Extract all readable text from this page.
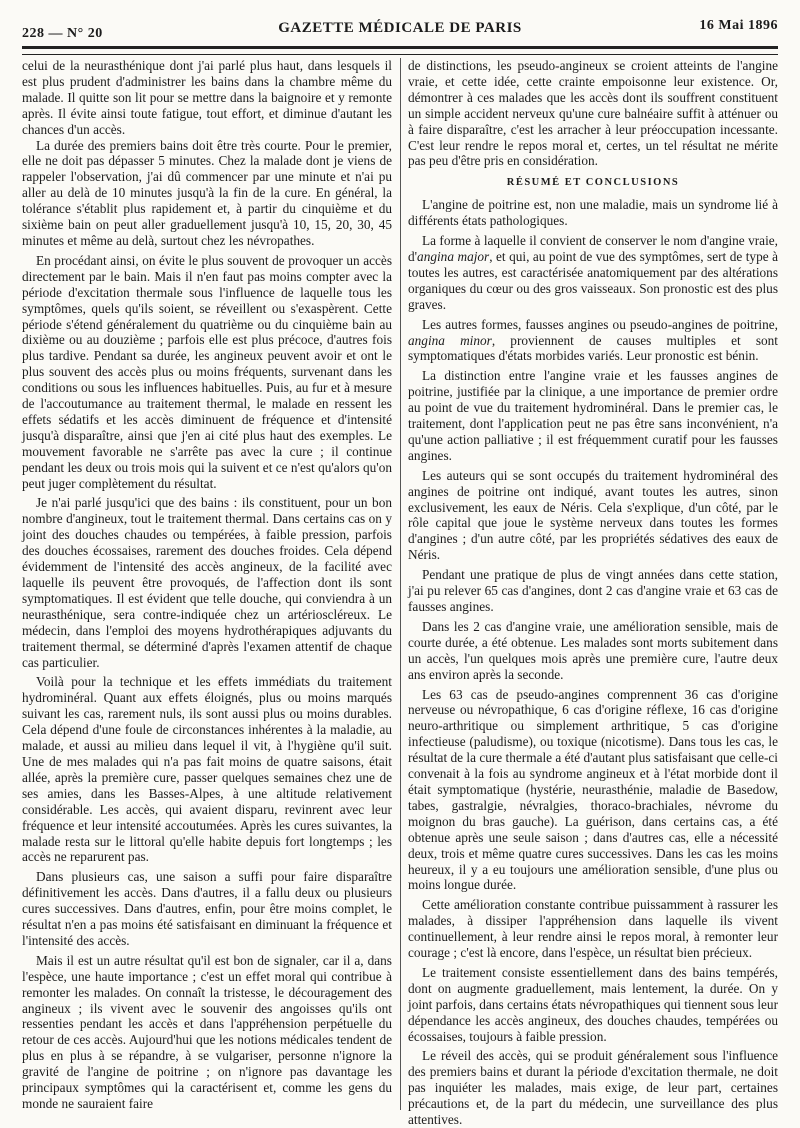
228 — N° 20	GAZETTE MÉDICALE DE PARIS	16 Mai 1896

celui de la neurasthénique dont j'ai parlé plus haut, dans lesquels il est plus prudent d'administrer les bains dans la chambre même du malade. Il quitte son lit pour se mettre dans la baignoire et y remonte après. Il évite ainsi toute fatigue, tout effort, et diminue d'autant les chances d'un accès.

La durée des premiers bains doit être très courte. Pour le premier, elle ne doit pas dépasser 5 minutes. Chez la malade dont je viens de rappeler l'observation, j'ai dû commencer par une minute et n'ai pu aller au delà de 10 minutes jusqu'à la fin de la cure. En général, la tolérance s'établit plus rapidement et, à partir du cinquième et du sixième bain on peut aller graduellement jusqu'à 10, 15, 20, 30, 45 minutes et même au delà, surtout chez les névropathes.

En procédant ainsi, on évite le plus souvent de provoquer un accès directement par le bain. Mais il n'en faut pas moins compter avec la période d'excitation thermale sous l'influence de laquelle tous les symptômes, quels qu'ils soient, se réveillent ou s'exaspèrent. Cette période s'étend généralement du quatrième ou du cinquième bain au dixième ou au douzième ; parfois elle est plus précoce, d'autres fois plus tardive. Pendant sa durée, les angineux peuvent avoir et ont le plus souvent des accès plus ou moins fréquents, survenant dans les conditions ou sous les influences habituelles. Puis, au fur et à mesure de l'accoutumance au traitement thermal, le malade en ressent les effets sédatifs et les accès diminuent de fréquence et d'intensité jusqu'à disparaître, ainsi que j'en ai cité plus haut des exemples. Le mouvement favorable ne s'arrête pas avec la cure ; il continue pendant les deux ou trois mois qui la suivent et ce n'est qu'alors qu'on peut juger complètement du résultat.

Je n'ai parlé jusqu'ici que des bains : ils constituent, pour un bon nombre d'angineux, tout le traitement thermal. Dans certains cas on y joint des douches chaudes ou tempérées, à faible pression, parfois des douches écossaises, rarement des douches froides. Cela dépend évidemment de l'intensité des accès angineux, de la facilité avec laquelle ils peuvent être provoqués, de l'affection dont ils sont symptomatiques. Il est évident que telle douche, qui conviendra à un neurasthénique, sera contre-indiquée chez un artérioscléreux. Le médecin, dans l'emploi des moyens hydrothérapiques adjuvants du traitement thermal, se déterminé d'après l'examen attentif de chaque cas particulier.

Voilà pour la technique et les effets immédiats du traitement hydrominéral. Quant aux effets éloignés, plus ou moins marqués suivant les cas, rarement nuls, ils sont aussi plus ou moins durables. Cela dépend d'une foule de circonstances inhérentes à la maladie, au malade, et aussi au milieu dans lequel il vit, à l'hygiène qu'il suit. Une de mes malades qui n'a pas fait moins de quatre saisons, était allée, après la première cure, passer quelques semaines chez une de ses amies, dans les Basses-Alpes, à une altitude relativement considérable. Les accès, qui avaient disparu, revinrent avec leur fréquence et leur intensité accoutumées. Après les cures suivantes, la malade resta sur le littoral qu'elle habite depuis fort longtemps ; les accès ne reparurent pas.

Dans plusieurs cas, une saison a suffi pour faire disparaître définitivement les accès. Dans d'autres, il a fallu deux ou plusieurs cures successives. Dans d'autres, enfin, pour être moins complet, le résultat n'en a pas moins été satisfaisant en diminuant la fréquence et l'intensité des accès.

Mais il est un autre résultat qu'il est bon de signaler, car il a, dans l'espèce, une haute importance ; c'est un effet moral qui contribue à remonter les malades. On connaît la tristesse, le découragement des angineux ; ils vivent avec le souvenir des angoisses qu'ils ont ressenties pendant les accès et dans l'appréhension perpétuelle du retour de ces accès. Aujourd'hui que les notions médicales tendent de plus en plus à se répandre, à se vulgariser, personne n'ignore la gravité de l'angine de poitrine ; on n'ignore pas davantage les principaux symptômes qui la caractérisent et, comme les gens du monde ne sauraient faire

de distinctions, les pseudo-angineux se croient atteints de l'angine vraie, et cette idée, cette crainte empoisonne leur existence. Or, démontrer à ces malades que les accès dont ils souffrent constituent un simple accident nerveux qu'une cure balnéaire suffit à atténuer ou à faire disparaître, c'est les arracher à leur préoccupation incessante. C'est leur rendre le repos moral et, certes, un tel résultat ne mérite pas peu d'être pris en considération.

RÉSUMÉ ET CONCLUSIONS

L'angine de poitrine est, non une maladie, mais un syndrome lié à différents états pathologiques.

La forme à laquelle il convient de conserver le nom d'angine vraie, d'angina major, et qui, au point de vue des symptômes, sert de type à toutes les autres, est caractérisée anatomiquement par des altérations organiques du cœur ou des gros vaisseaux. Son pronostic est des plus graves.

Les autres formes, fausses angines ou pseudo-angines de poitrine, angina minor, proviennent de causes multiples et sont symptomatiques d'états morbides variés. Leur pronostic est bénin.

La distinction entre l'angine vraie et les fausses angines de poitrine, justifiée par la clinique, a une importance de premier ordre au point de vue du traitement hydrominéral. Dans le premier cas, le traitement, dont l'application peut ne pas être sans inconvénient, n'a qu'une action palliative ; il est fréquemment curatif pour les fausses angines.

Les auteurs qui se sont occupés du traitement hydrominéral des angines de poitrine ont indiqué, avant toutes les autres, sinon exclusivement, les eaux de Néris. Cela s'explique, d'un côté, par le rôle capital que joue le système nerveux dans toutes les formes d'angines ; d'un autre côté, par les propriétés sédatives des eaux de Néris.

Pendant une pratique de plus de vingt années dans cette station, j'ai pu relever 65 cas d'angines, dont 2 cas d'angine vraie et 63 cas de fausses angines.

Dans les 2 cas d'angine vraie, une amélioration sensible, mais de courte durée, a été obtenue. Les malades sont morts subitement dans un accès, l'un quelques mois après une première cure, l'autre deux ans environ après la seconde.

Les 63 cas de pseudo-angines comprennent 36 cas d'origine nerveuse ou névropathique, 6 cas d'origine réflexe, 16 cas d'origine neuro-arthritique ou simplement arthritique, 5 cas d'origine infectieuse (paludisme), ou toxique (nicotisme). Dans tous les cas, le résultat de la cure thermale a été d'autant plus satisfaisant que celle-ci convenait à la fois au syndrome angineux et à l'état morbide dont il était symptomatique (hystérie, neurasthénie, maladie de Basedow, tabes, gastralgie, névralgies, thoraco-brachiales, névrome du moignon du bras gauche). La guérison, dans certains cas, a été obtenue après une seule saison ; dans d'autres cas, elle a nécessité deux, trois et même quatre cures successives. Dans les cas les moins heureux, il y a eu toujours une amélioration sensible, d'une plus ou moins longue durée.

Cette amélioration constante contribue puissamment à rassurer les malades, à dissiper l'appréhension dans laquelle ils vivent continuellement, à leur rendre ainsi le repos moral, à remonter leur courage ; c'est là encore, dans l'espèce, un résultat bien précieux.

Le traitement consiste essentiellement dans des bains tempérés, dont on augmente graduellement, mais lentement, la durée. On y joint parfois, dans certains états névropathiques qui tiennent sous leur dépendance les accès angineux, des douches chaudes, tempérées ou écossaises, toujours à faible pression.

Le réveil des accès, qui se produit généralement sous l'influence des premiers bains et durant la période d'excitation thermale, ne doit pas inquiéter les malades, mais exige, de leur part, certaines précautions et, de la part du médecin, une surveillance des plus attentives.
